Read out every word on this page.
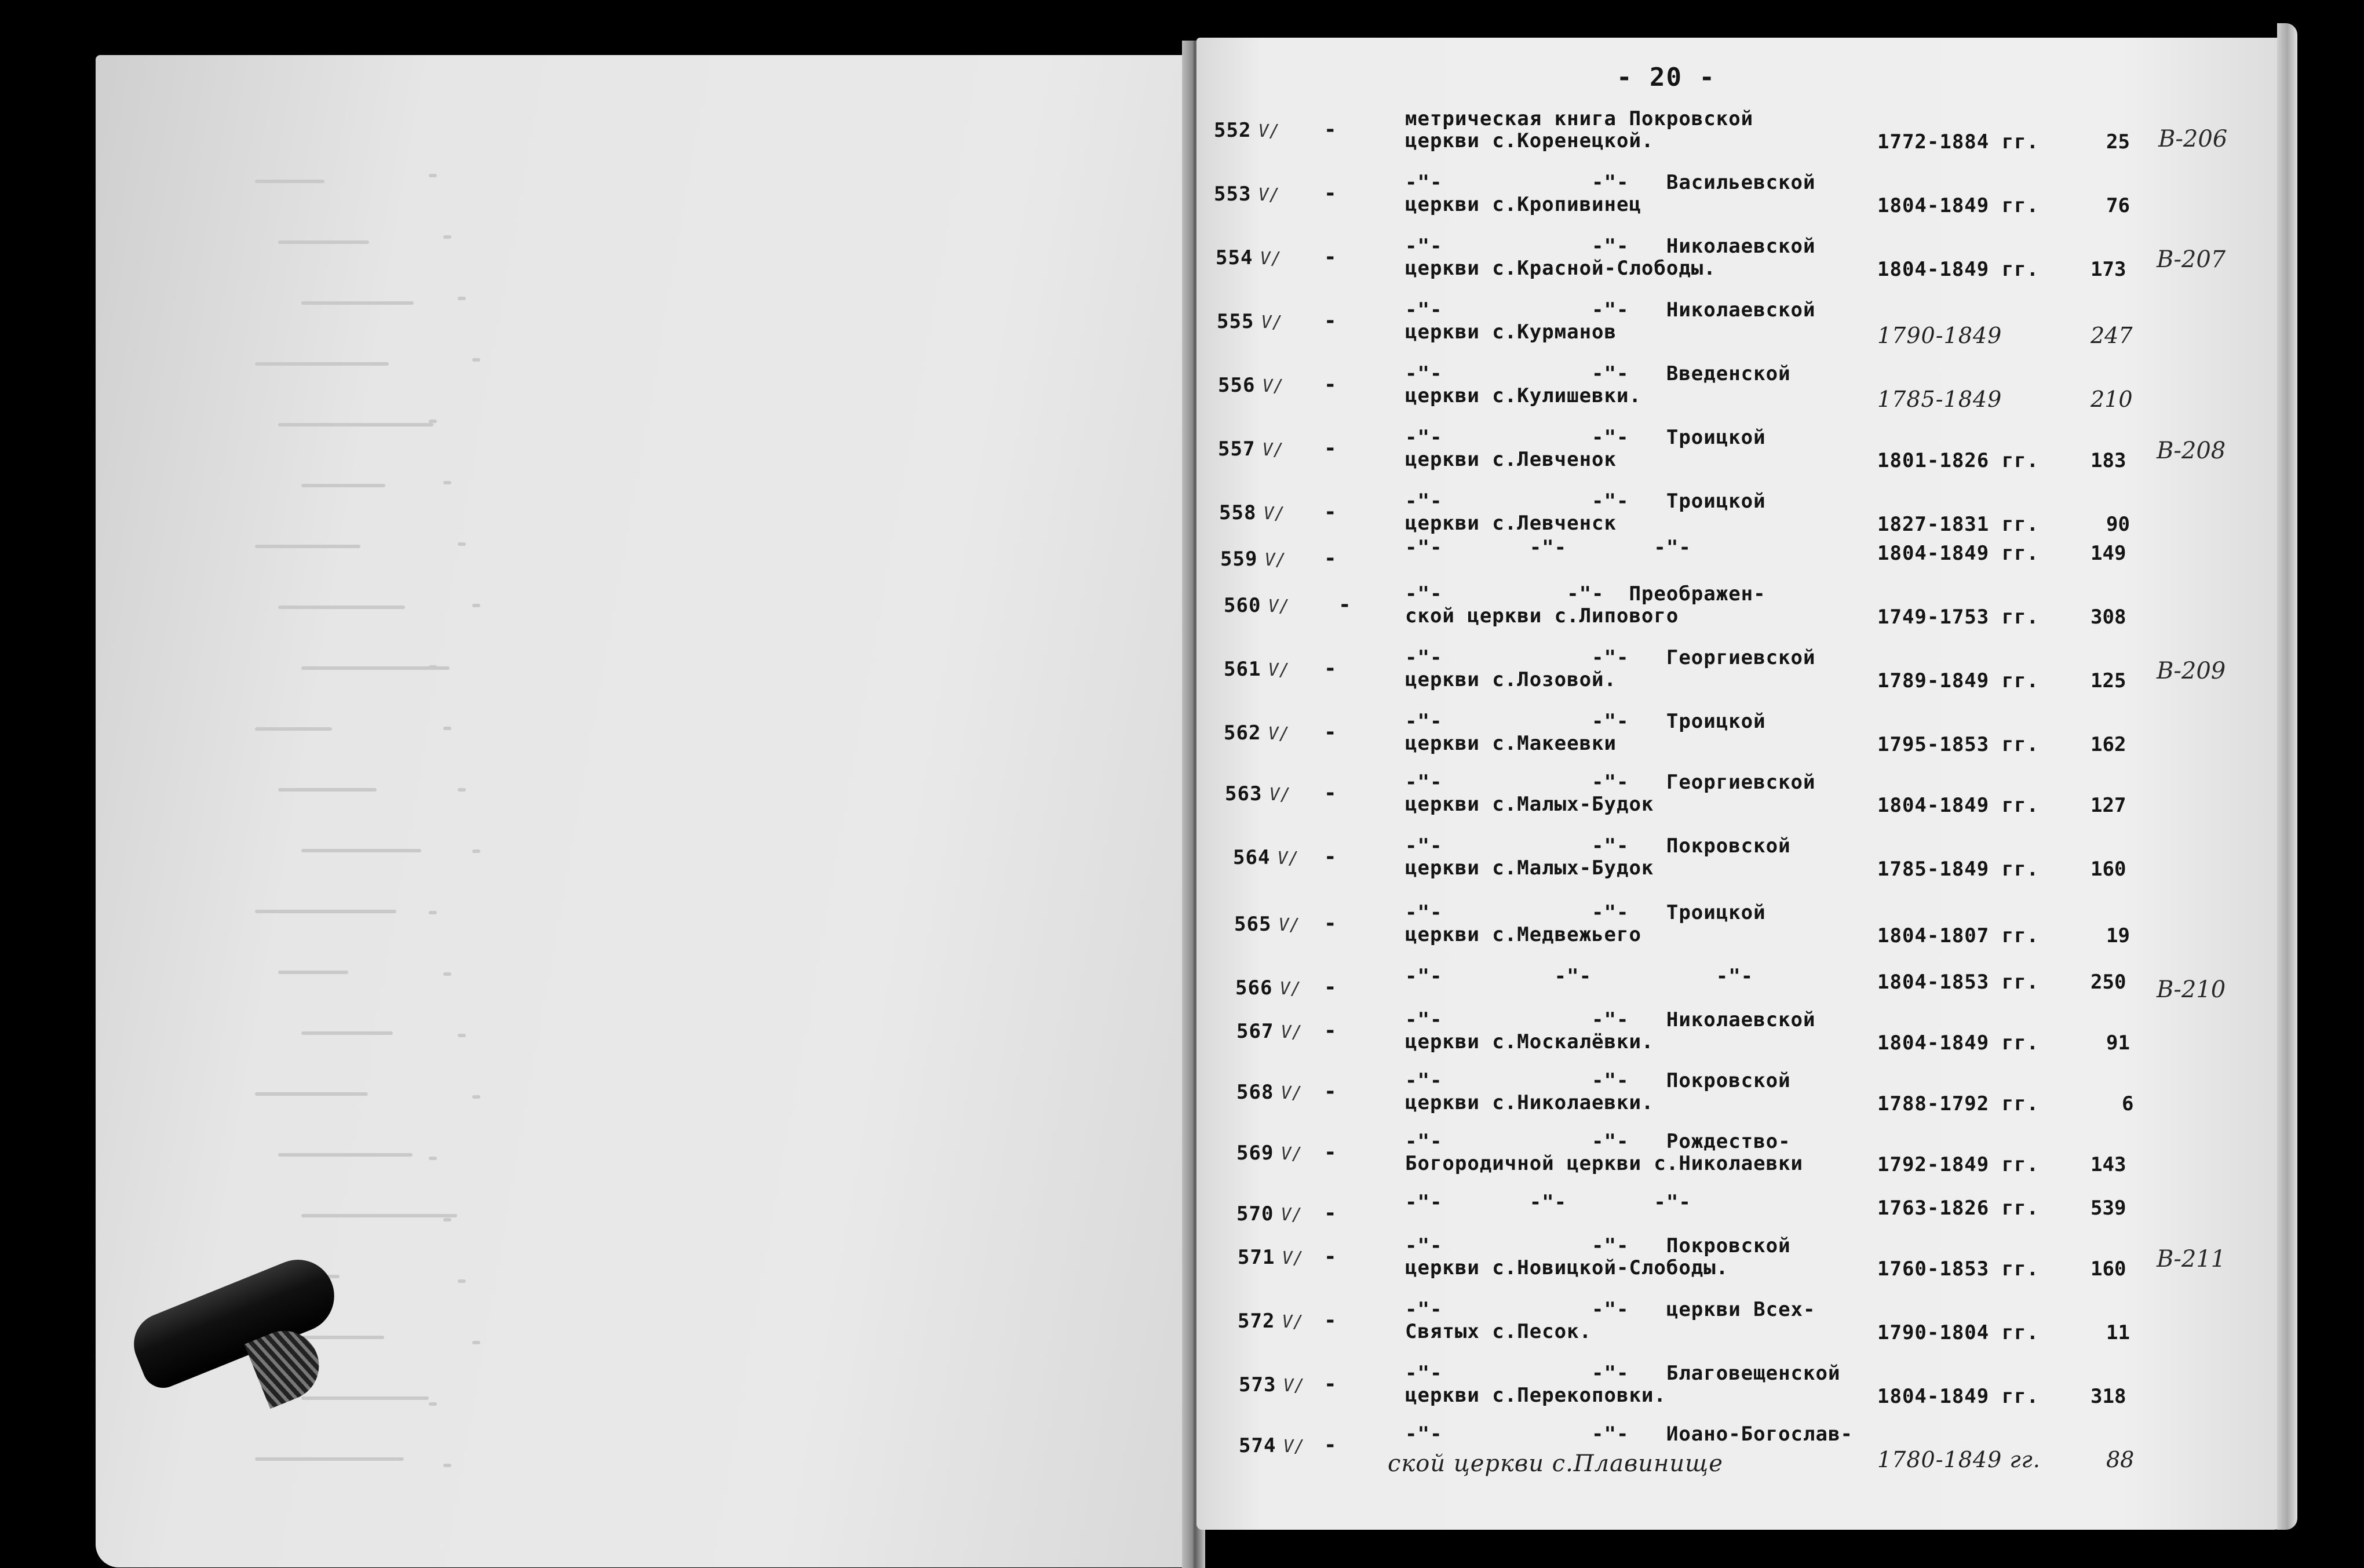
- 20 -
552 V/ -	метрическая книга Покровской
церкви с.Коренецкой.	1772-1884 гг.	25 В-206
553 V/ -	-"-            -"-   Васильевской
церкви с.Кропивинец	1804-1849 гг.	76
554 V/ -	-"-            -"-   Николаевской
церкви с.Красной-Слободы.	1804-1849 гг.	173 В-207
555 V/ -	-"-            -"-   Николаевской
церкви с.Курманов	1790-1849	247
556 V/ -	-"-            -"-   Введенской
церкви с.Кулишевки.	1785-1849	210
557 V/ -	-"-            -"-   Троицкой
церкви с.Левченок	1801-1826 гг.	183 В-208
558 V/ -	-"-            -"-   Троицкой
церкви с.Левченск	1827-1831 гг.	90
559 V/ -	-"-       -"-       -"-	1804-1849 гг.	149
560 V/ -	-"-          -"-  Преображен-
ской церкви с.Липового	1749-1753 гг.	308
561 V/ -	-"-            -"-   Георгиевской
церкви с.Лозовой.	1789-1849 гг.	125 В-209
562 V/ -	-"-            -"-   Троицкой
церкви с.Макеевки	1795-1853 гг.	162
563 V/ -	-"-            -"-   Георгиевской
церкви с.Малых-Будок	1804-1849 гг.	127
564 V/ -	-"-            -"-   Покровской
церкви с.Малых-Будок	1785-1849 гг.	160
565 V/ -	-"-            -"-   Троицкой
церкви с.Медвежьего	1804-1807 гг.	19
566 V/ -	-"-         -"-          -"-	1804-1853 гг.	250 В-210
567 V/ -	-"-            -"-   Николаевской
церкви с.Москалёвки.	1804-1849 гг.	91
568 V/ -	-"-            -"-   Покровской
церкви с.Николаевки.	1788-1792 гг.	6
569 V/ -	-"-            -"-   Рождество-
Богородичной церкви с.Николаевки	1792-1849 гг.	143
570 V/ -	-"-       -"-       -"-	1763-1826 гг.	539
571 V/ -	-"-            -"-   Покровской
церкви с.Новицкой-Слободы.	1760-1853 гг.	160 В-211
572 V/ -	-"-            -"-   церкви Всех-
Святых с.Песок.	1790-1804 гг.	11
573 V/ -	-"-            -"-   Благовещенской
церкви с.Перекоповки.	1804-1849 гг.	318
574 V/ -	-"-            -"-   Иоано-Богослав-
ской церкви с.Плавинище	1780-1849 гг.	88
